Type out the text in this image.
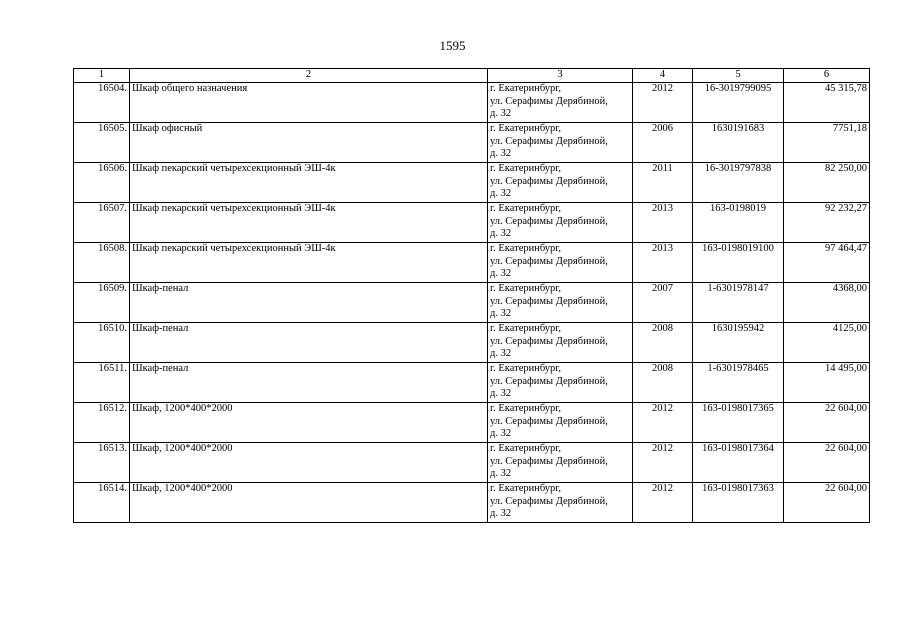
1595
1	2	3	4	5	6
16504.	Шкаф общего назначения	г. Екатеринбург,
ул. Серафимы Дерябиной,
д. 32	2012	16-3019799095	45 315,78
16505.	Шкаф офисный	г. Екатеринбург,
ул. Серафимы Дерябиной,
д. 32	2006	1630191683	7751,18
16506.	Шкаф пекарский четырехсекционный ЭШ-4к	г. Екатеринбург,
ул. Серафимы Дерябиной,
д. 32	2011	16-3019797838	82 250,00
16507.	Шкаф пекарский четырехсекционный ЭШ-4к	г. Екатеринбург,
ул. Серафимы Дерябиной,
д. 32	2013	163-0198019	92 232,27
16508.	Шкаф пекарский четырехсекционный ЭШ-4к	г. Екатеринбург,
ул. Серафимы Дерябиной,
д. 32	2013	163-0198019100	97 464,47
16509.	Шкаф-пенал	г. Екатеринбург,
ул. Серафимы Дерябиной,
д. 32	2007	1-6301978147	4368,00
16510.	Шкаф-пенал	г. Екатеринбург,
ул. Серафимы Дерябиной,
д. 32	2008	1630195942	4125,00
16511.	Шкаф-пенал	г. Екатеринбург,
ул. Серафимы Дерябиной,
д. 32	2008	1-6301978465	14 495,00
16512.	Шкаф, 1200*400*2000	г. Екатеринбург,
ул. Серафимы Дерябиной,
д. 32	2012	163-0198017365	22 604,00
16513.	Шкаф, 1200*400*2000	г. Екатеринбург,
ул. Серафимы Дерябиной,
д. 32	2012	163-0198017364	22 604,00
16514.	Шкаф, 1200*400*2000	г. Екатеринбург,
ул. Серафимы Дерябиной,
д. 32	2012	163-0198017363	22 604,00
